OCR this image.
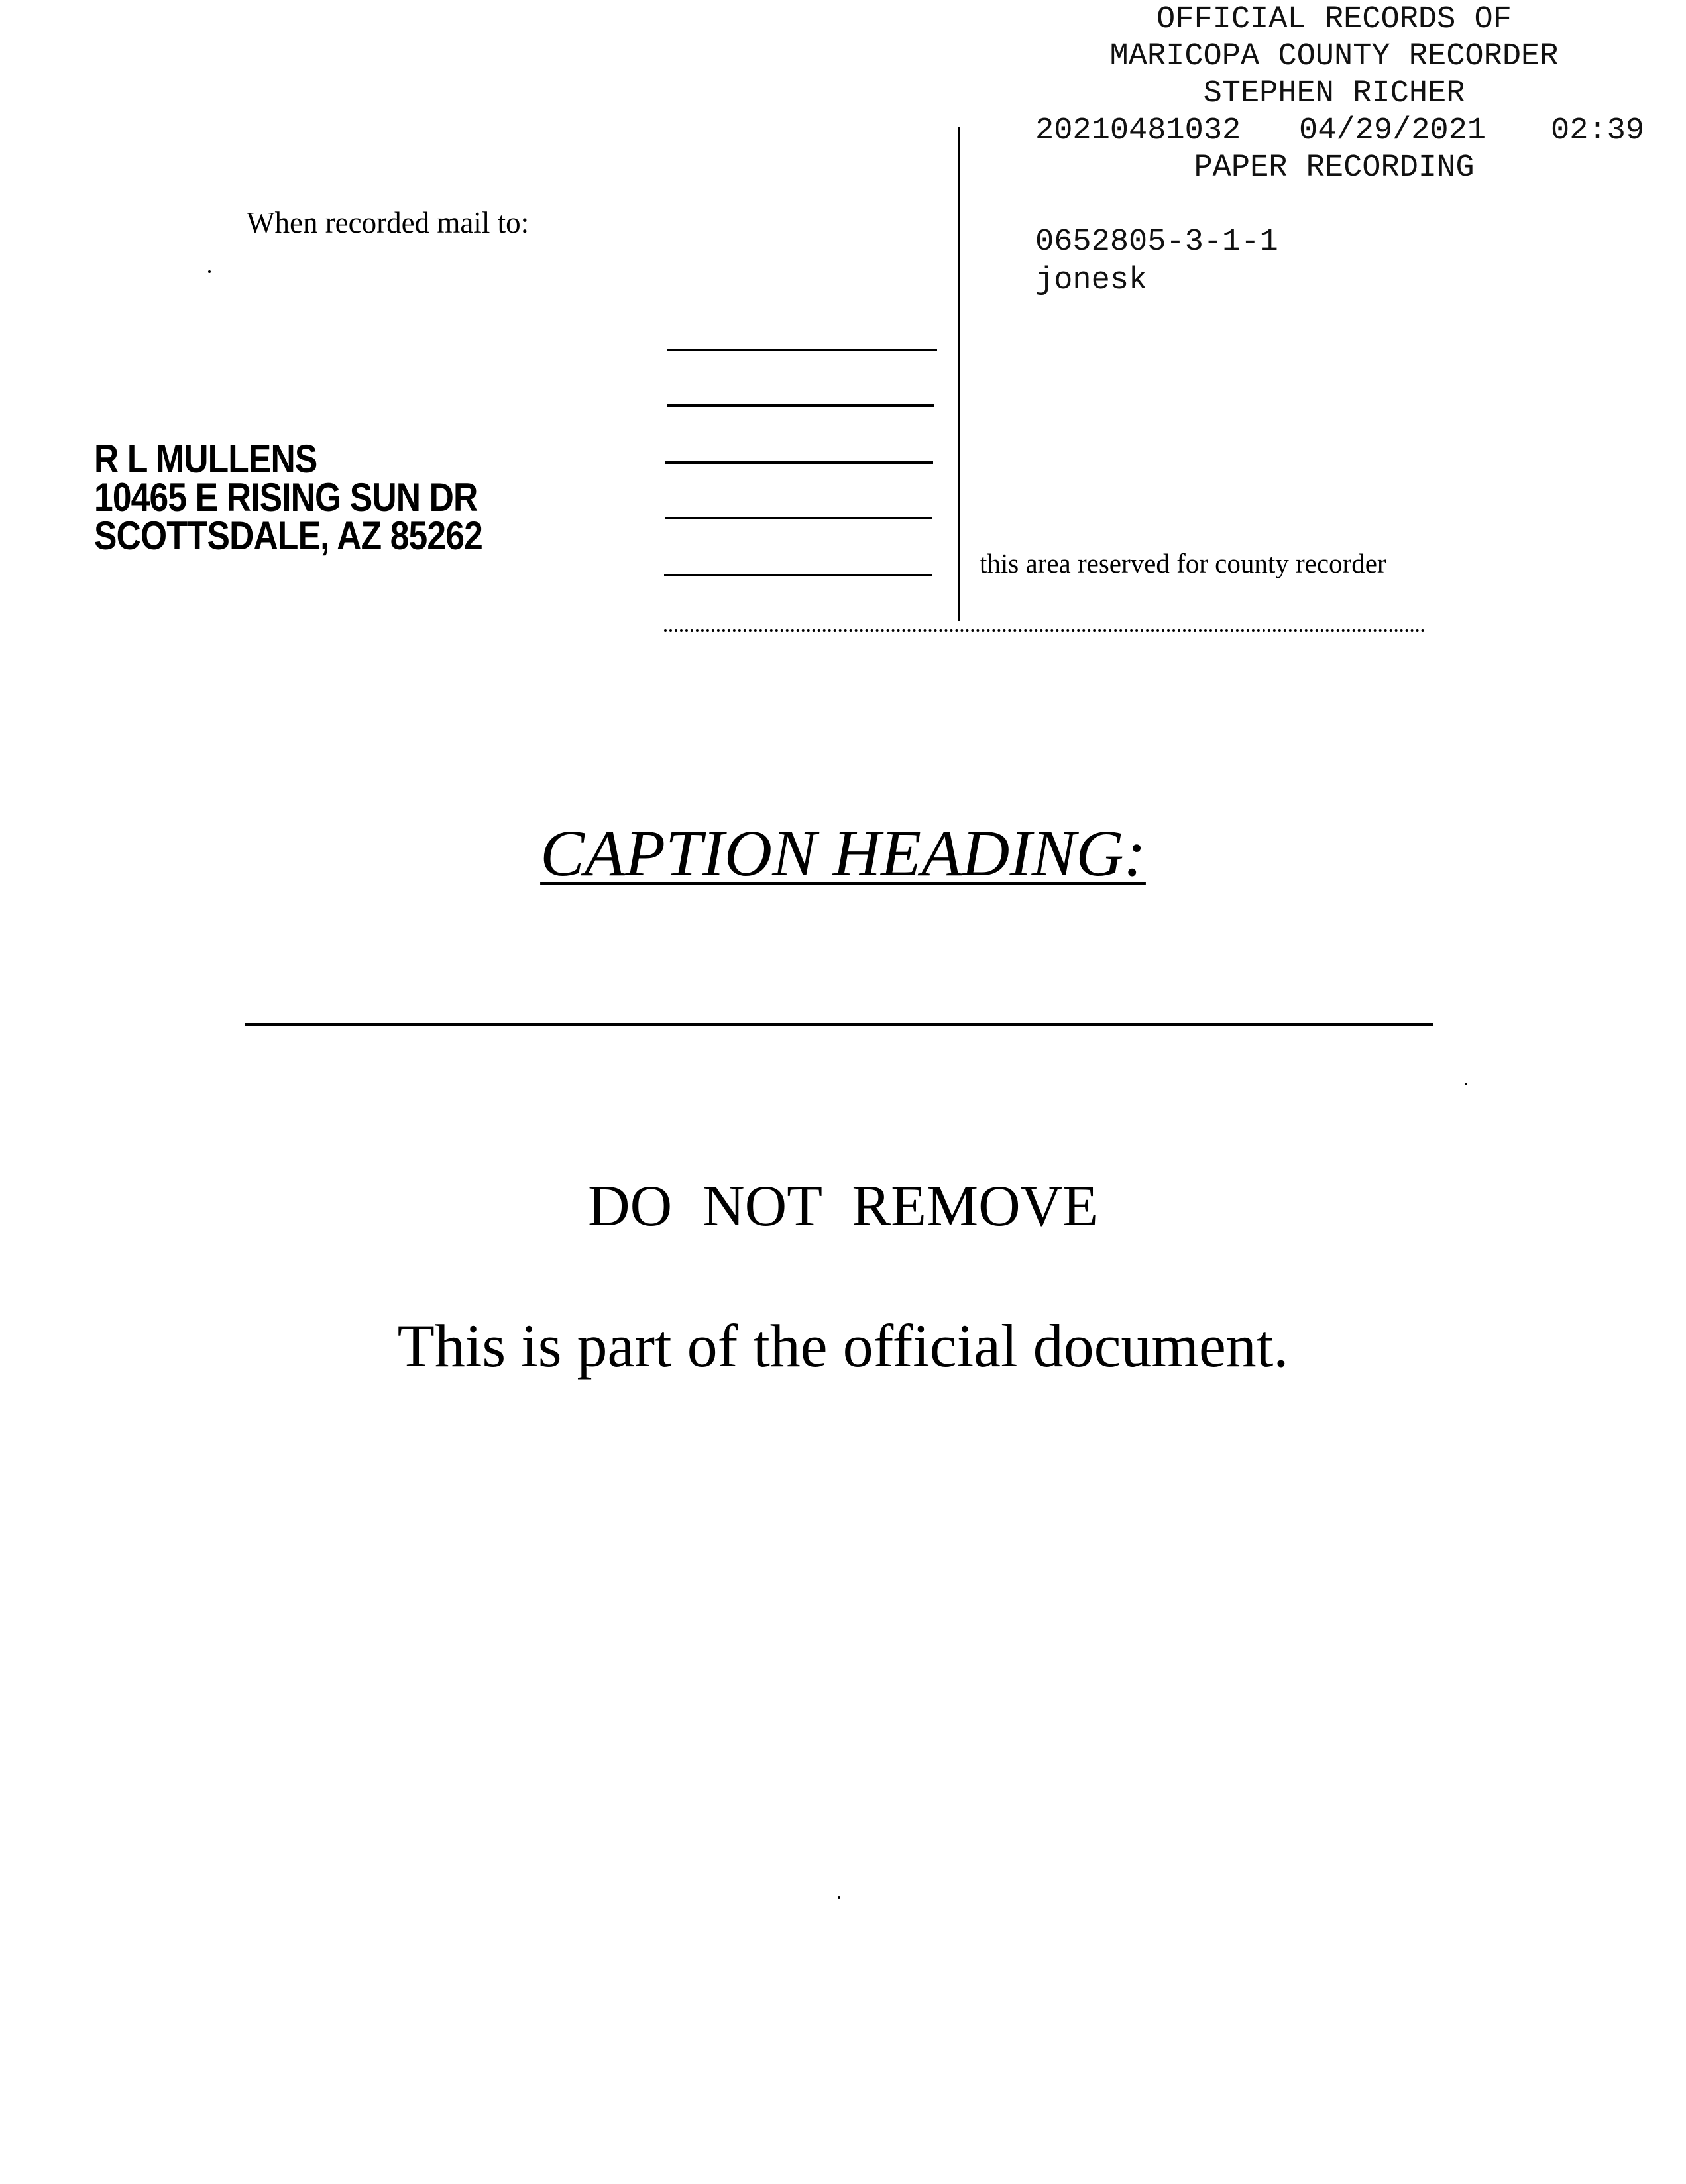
OFFICIAL RECORDS OF
MARICOPA COUNTY RECORDER
STEPHEN RICHER
20210481032 04/29/2021 02:39
PAPER RECORDING
0652805-3-1-1
jonesk
When recorded mail to:
R L MULLENS
10465 E RISING SUN DR
SCOTTSDALE, AZ 85262
this area reserved for county recorder
CAPTION HEADING:
DO NOT REMOVE
This is part of the official document.
